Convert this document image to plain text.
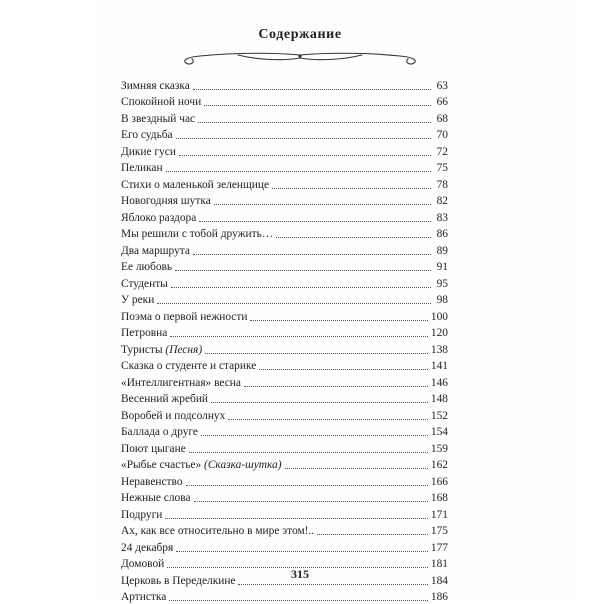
Содержание
Зимняя сказка	63
Спокойной ночи	66
В звездный час	68
Его судьба	70
Дикие гуси	72
Пеликан	75
Стихи о маленькой зеленщице	78
Новогодняя шутка	82
Яблоко раздора	83
Мы решили с тобой дружить…	86
Два маршрута	89
Ее любовь	91
Студенты	95
У реки	98
Поэма о первой нежности	100
Петровна	120
Туристы (Песня)	138
Сказка о студенте и старике	141
«Интеллигентная» весна	146
Весенний жребий	148
Воробей и подсолнух	152
Баллада о друге	154
Поют цыгане	159
«Рыбье счастье» (Сказка-шутка)	162
Неравенство	166
Нежные слова	168
Подруги	171
Ах, как все относительно в мире этом!..	175
24 декабря	177
Домовой	181
Церковь в Переделкине	184
Артистка	186
315
